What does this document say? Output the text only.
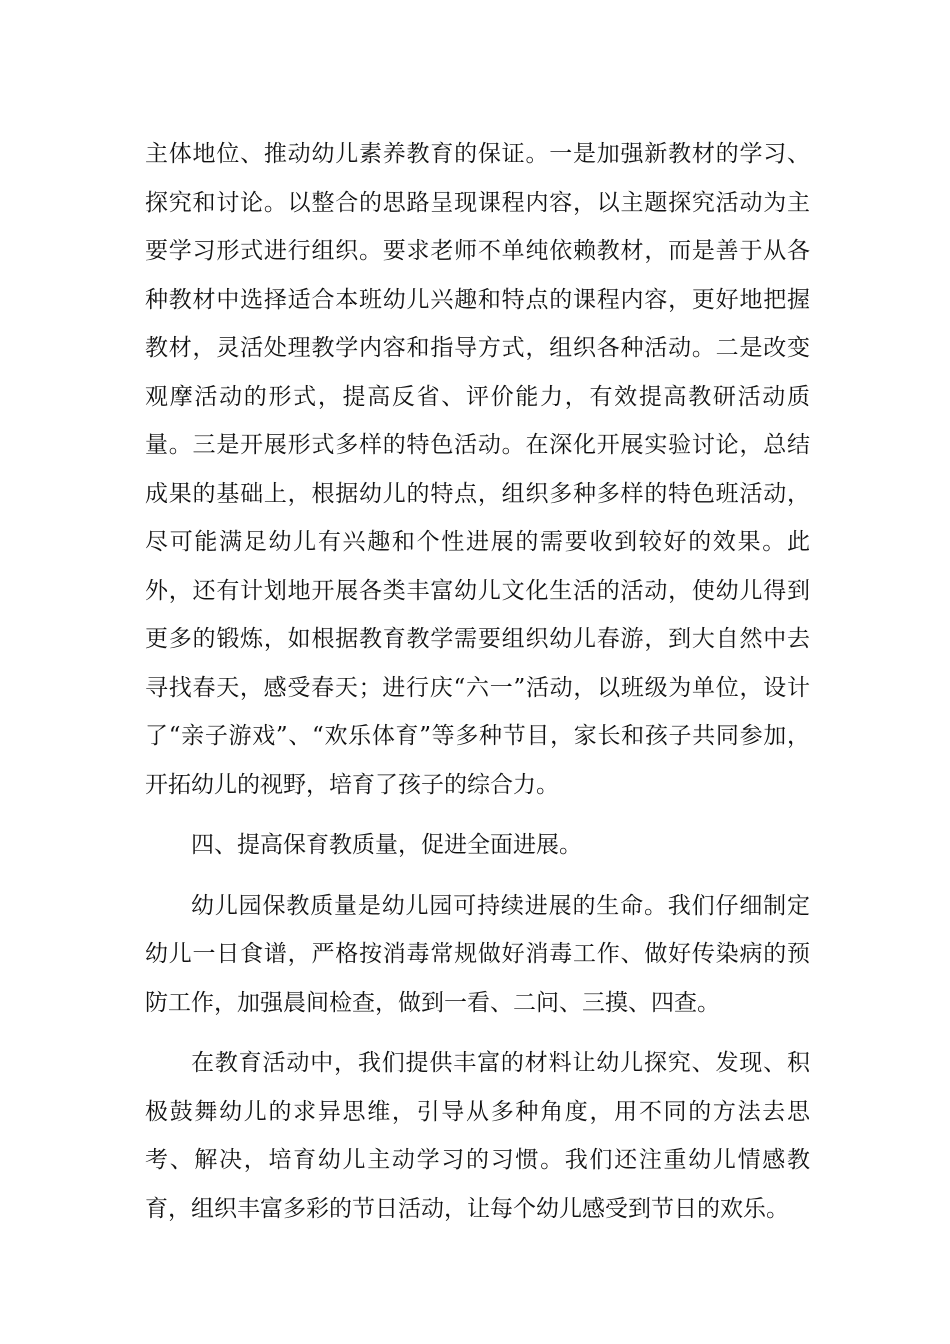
主体地位、推动幼儿素养教育的保证。一是加强新教材的学习、探究和讨论。以整合的思路呈现课程内容，以主题探究活动为主要学习形式进行组织。要求老师不单纯依赖教材，而是善于从各种教材中选择适合本班幼儿兴趣和特点的课程内容，更好地把握教材，灵活处理教学内容和指导方式，组织各种活动。二是改变观摩活动的形式，提高反省、评价能力，有效提高教研活动质量。三是开展形式多样的特色活动。在深化开展实验讨论，总结成果的基础上，根据幼儿的特点，组织多种多样的特色班活动，尽可能满足幼儿有兴趣和个性进展的需要收到较好的效果。此外，还有计划地开展各类丰富幼儿文化生活的活动，使幼儿得到更多的锻炼，如根据教育教学需要组织幼儿春游，到大自然中去寻找春天，感受春天；进行庆“六一”活动，以班级为单位，设计了“亲子游戏”、“欢乐体育”等多种节目，家长和孩子共同参加，开拓幼儿的视野，培育了孩子的综合力。

四、提高保育教质量，促进全面进展。

幼儿园保教质量是幼儿园可持续进展的生命。我们仔细制定幼儿一日食谱，严格按消毒常规做好消毒工作、做好传染病的预防工作，加强晨间检查，做到一看、二问、三摸、四查。

在教育活动中，我们提供丰富的材料让幼儿探究、发现、积极鼓舞幼儿的求异思维，引导从多种角度，用不同的方法去思考、解决，培育幼儿主动学习的习惯。我们还注重幼儿情感教育，组织丰富多彩的节日活动，让每个幼儿感受到节日的欢乐。
